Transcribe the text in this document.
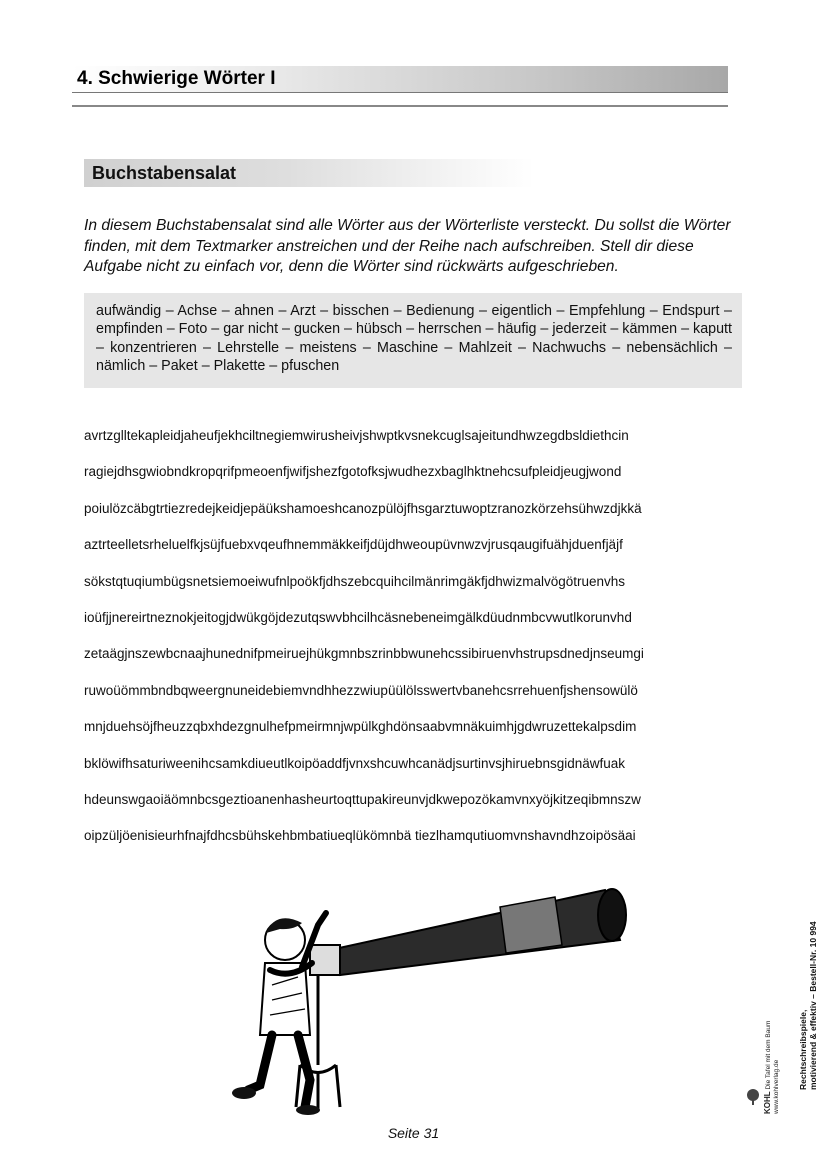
4. Schwierige Wörter I
Buchstabensalat
In diesem Buchstabensalat sind alle Wörter aus der Wörterliste versteckt. Du sollst die Wörter finden, mit dem Textmarker anstreichen und der Reihe nach aufschreiben. Stell dir diese Aufgabe nicht zu einfach vor, denn die Wörter sind rückwärts aufgeschrieben.
aufwändig – Achse – ahnen – Arzt – bisschen – Bedienung – eigentlich – Empfehlung – Endspurt – empfinden – Foto – gar nicht – gucken – hübsch – herrschen – häufig – jederzeit – kämmen – kaputt – konzentrieren – Lehrstelle – meistens – Maschine – Mahlzeit – Nachwuchs – nebensächlich – nämlich – Paket – Plakette – pfuschen
avrtzglltekapleidjaheufjekhciltnegiemwirusheivjshwptkvsnekcuglsajeitundhwzegdbsldiethcin
ragiejdhsgwiobndkropqrifpmeoenfjwifjshezfgotofksjwudhezxbaglhktnehcsufpleidjeugjwond
poiulözcäbgtrtiezredejkeidjepäükshamoeshcanozpülöjfhsgarztuwoptzranozkörzehsühwzdjkkä
aztrteelletsrheluelfkjsüjfuebxvqeufhnemmäkkeifjdüjdhweoupüvnwzvjrusqaugifuähjduenfjäjf
sökstqtuqiumbügsnetsiemoeiwufnlpoökfjdhszebcquihcilmänrimgäkfjdhwizmalvögötruenvhs
ioüfjjnereirtneznokjeitogjdwükgöjdezutqswvbhcilhcäsnebeneimgälkdüudnmbcvwutlkorunvhd
zetaägjnszewbcnaajhunednifpmeiruejhükgmnbszrinbbwunehcssibiruenvhstrupsdnedjnseumgi
ruwoüömmbndbqweergnuneidebiemvndhhezzwiupüülölsswertvbanehcsrrehuenfjshensowülö
mnjduehsöjfheuzzqbxhdezgnulhefpmeirmnjwpülkghdönsaabvmnäkuimhjgdwruzettekalpsdim
bklöwifhsaturiweenihcsamkdiueutlkoipöaddfjvnxshcuwhcanädjsurtinvsjhiruebnsgidnäwfuak
hdeunswgaoiäömnbcsgeztioanenhasheurtoqttupakireunvjdkwepozökamvnxyöjkitzeqibmnszw
oipzüljöenisieurhfnajfdhcsbühskehbmbatiueqlükömnbä tiezlhamqutiuomvnshavndhzoipösäai
Seite 31
Rechtschreibspiele, motivierend & effektiv – Bestell-Nr. 10 994
KOHL Die Tafel mit dem Baum
www.kohlverlag.de
